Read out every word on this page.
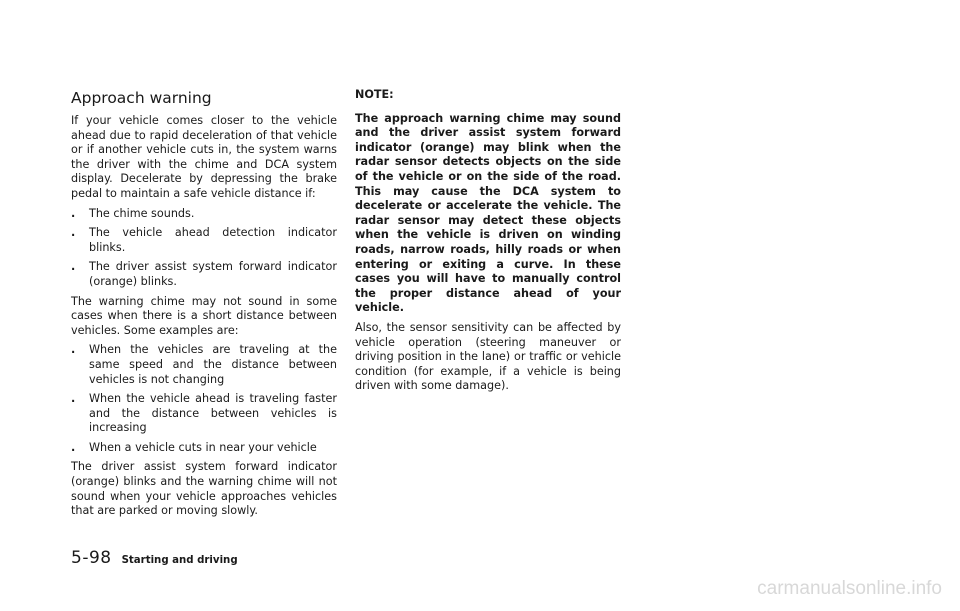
Approach warning

If your vehicle comes closer to the vehicle ahead due to rapid deceleration of that vehicle or if another vehicle cuts in, the system warns the driver with the chime and DCA system display. Decelerate by depressing the brake pedal to maintain a safe vehicle distance if:

. The chime sounds.
. The vehicle ahead detection indicator blinks.
. The driver assist system forward indicator (orange) blinks.

The warning chime may not sound in some cases when there is a short distance between vehicles. Some examples are:

. When the vehicles are traveling at the same speed and the distance between vehicles is not changing
. When the vehicle ahead is traveling faster and the distance between vehicles is increasing
. When a vehicle cuts in near your vehicle

The driver assist system forward indicator (orange) blinks and the warning chime will not sound when your vehicle approaches vehicles that are parked or moving slowly.

NOTE:

The approach warning chime may sound and the driver assist system forward indicator (orange) may blink when the radar sensor detects objects on the side of the vehicle or on the side of the road. This may cause the DCA system to decelerate or accelerate the vehicle. The radar sensor may detect these objects when the vehicle is driven on winding roads, narrow roads, hilly roads or when entering or exiting a curve. In these cases you will have to manually control the proper distance ahead of your vehicle.

Also, the sensor sensitivity can be affected by vehicle operation (steering maneuver or driving position in the lane) or traffic or vehicle condition (for example, if a vehicle is being driven with some damage).

5-98 Starting and driving
carmanualsonline.info
